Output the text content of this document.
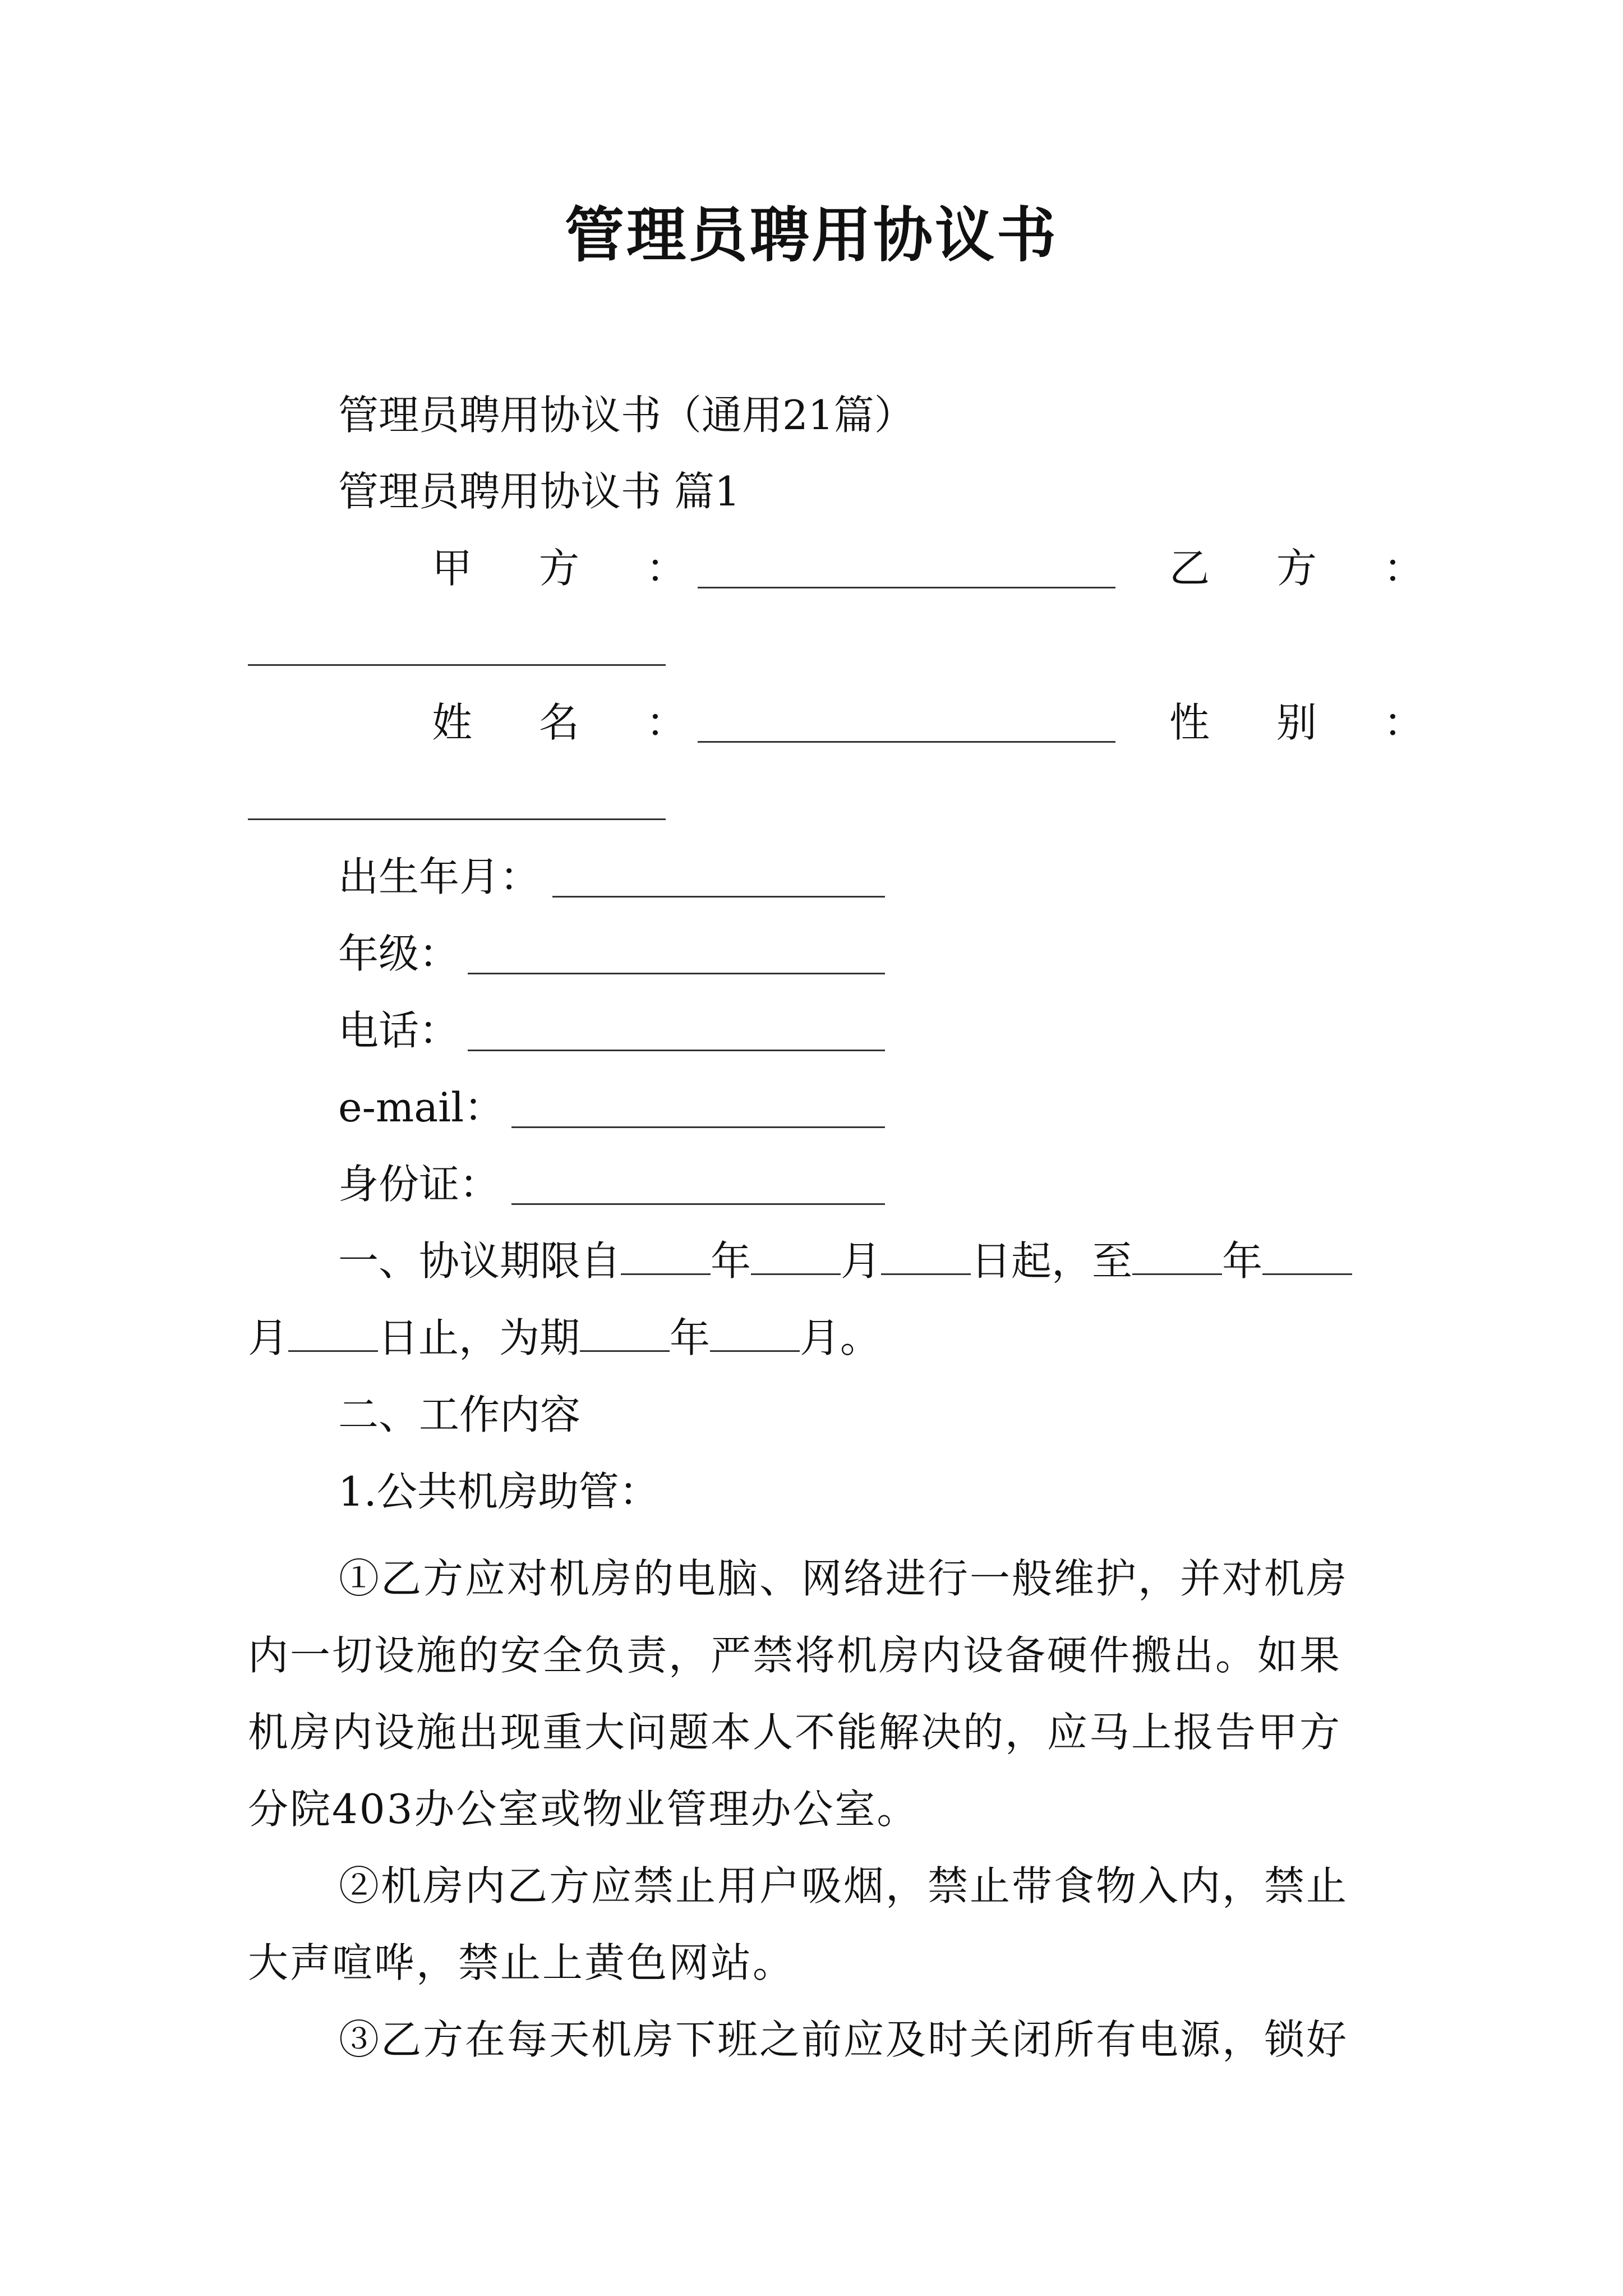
管理员聘用协议书
管理员聘用协议书（通用21篇）
管理员聘用协议书 篇1
甲 方 ：	乙 方 ：
姓 名 ：	性 别 ：
出生年月：
年级：
电话：
e-mail：
身份证：
一、协议期限自 年 月 日起，至 年
月 日止，为期 年 月。
二、工作内容
1.公共机房助管：
①乙方应对机房的电脑、网络进行一般维护，并对机房内一切设施的安全负责，严禁将机房内设备硬件搬出。如果机房内设施出现重大问题本人不能解决的，应马上报告甲方分院403办公室或物业管理办公室。
②机房内乙方应禁止用户吸烟，禁止带食物入内，禁止大声喧哗，禁止上黄色网站。
③乙方在每天机房下班之前应及时关闭所有电源，锁好
